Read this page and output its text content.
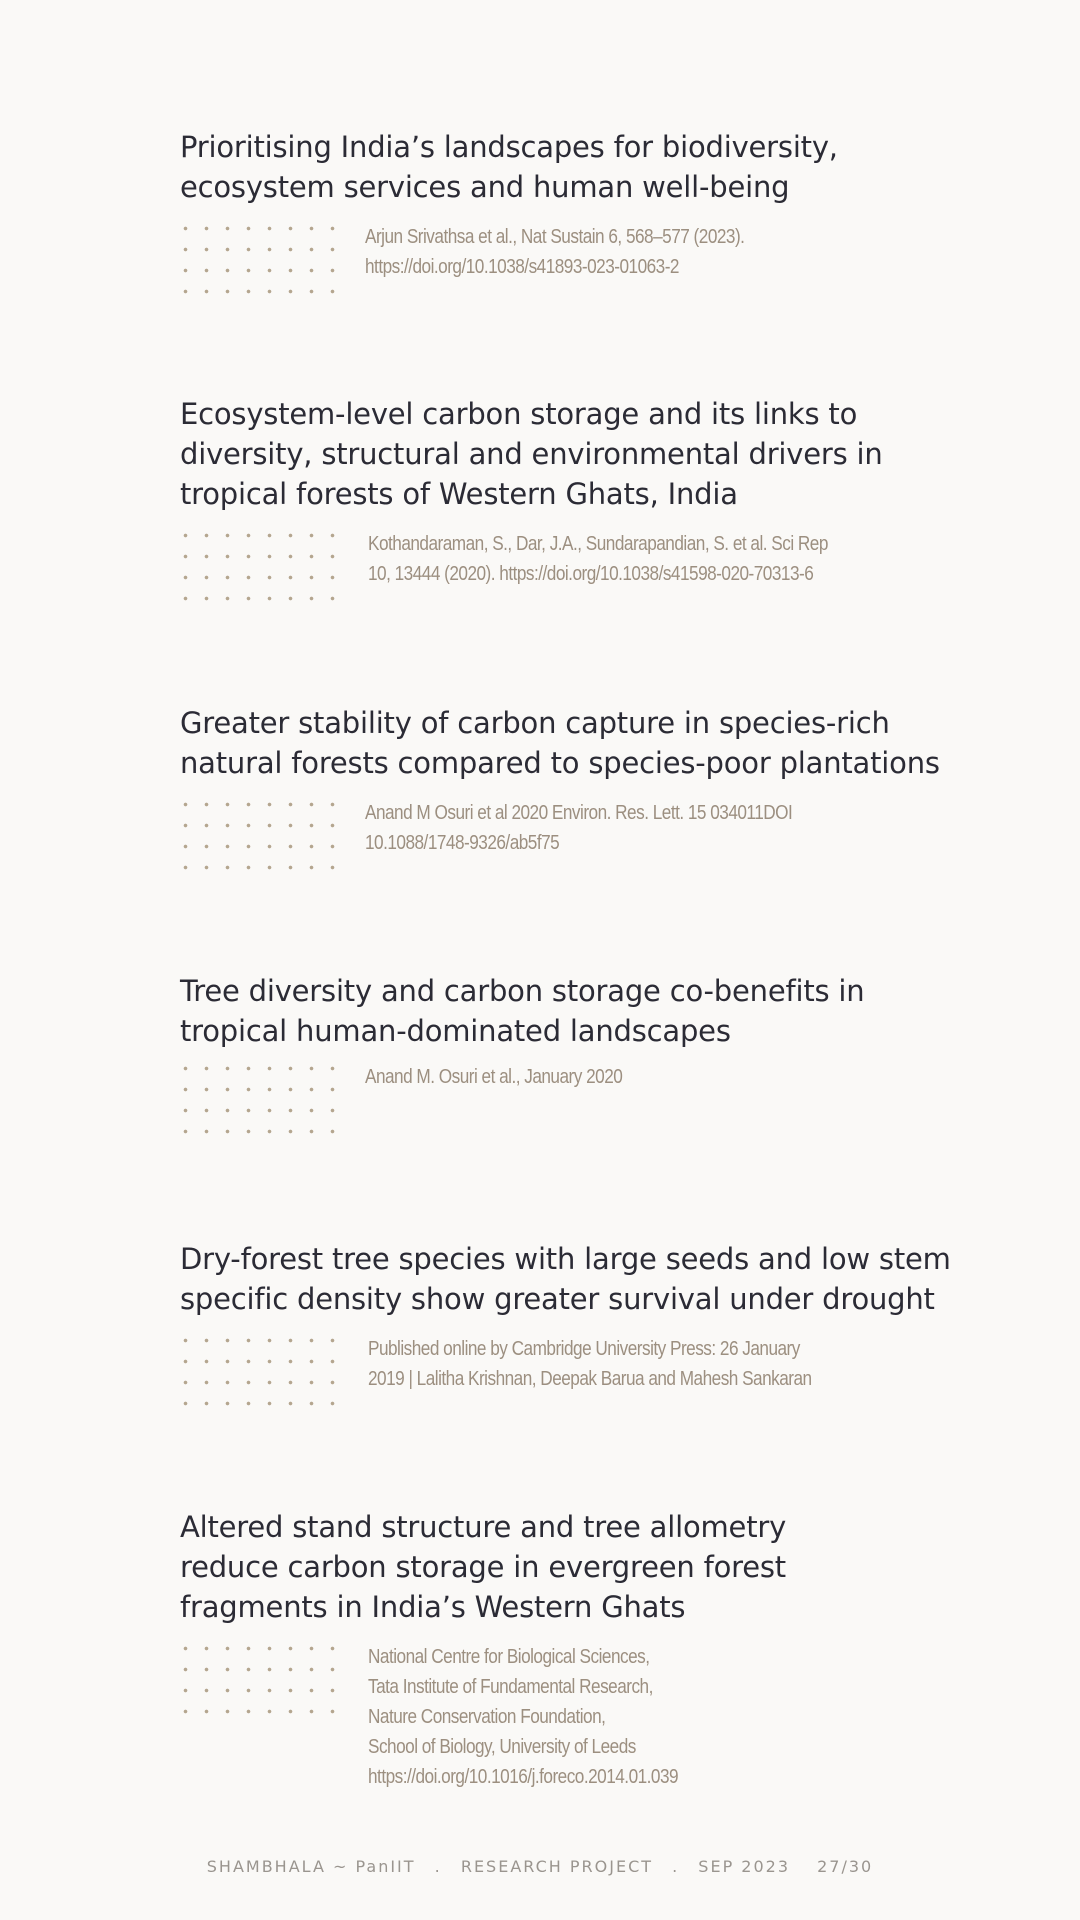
Prioritising India’s landscapes for biodiversity,
ecosystem services and human well-being
Arjun Srivathsa et al., Nat Sustain 6, 568–577 (2023).
https://doi.org/10.1038/s41893-023-01063-2
Ecosystem-level carbon storage and its links to
diversity, structural and environmental drivers in
tropical forests of Western Ghats, India
Kothandaraman, S., Dar, J.A., Sundarapandian, S. et al. Sci Rep
10, 13444 (2020). https://doi.org/10.1038/s41598-020-70313-6
Greater stability of carbon capture in species-rich
natural forests compared to species-poor plantations
Anand M Osuri et al 2020 Environ. Res. Lett. 15 034011DOI
10.1088/1748-9326/ab5f75
Tree diversity and carbon storage co-benefits in
tropical human-dominated landscapes
Anand M. Osuri et al., January 2020
Dry-forest tree species with large seeds and low stem
specific density show greater survival under drought
Published online by Cambridge University Press: 26 January
2019 | Lalitha Krishnan, Deepak Barua and Mahesh Sankaran
Altered stand structure and tree allometry
reduce carbon storage in evergreen forest
fragments in India’s Western Ghats
National Centre for Biological Sciences,
Tata Institute of Fundamental Research,
Nature Conservation Foundation,
School of Biology, University of Leeds
https://doi.org/10.1016/j.foreco.2014.01.039
SHAMBHALA ~ PanIIT . RESEARCH PROJECT . SEP 2023 27/30
